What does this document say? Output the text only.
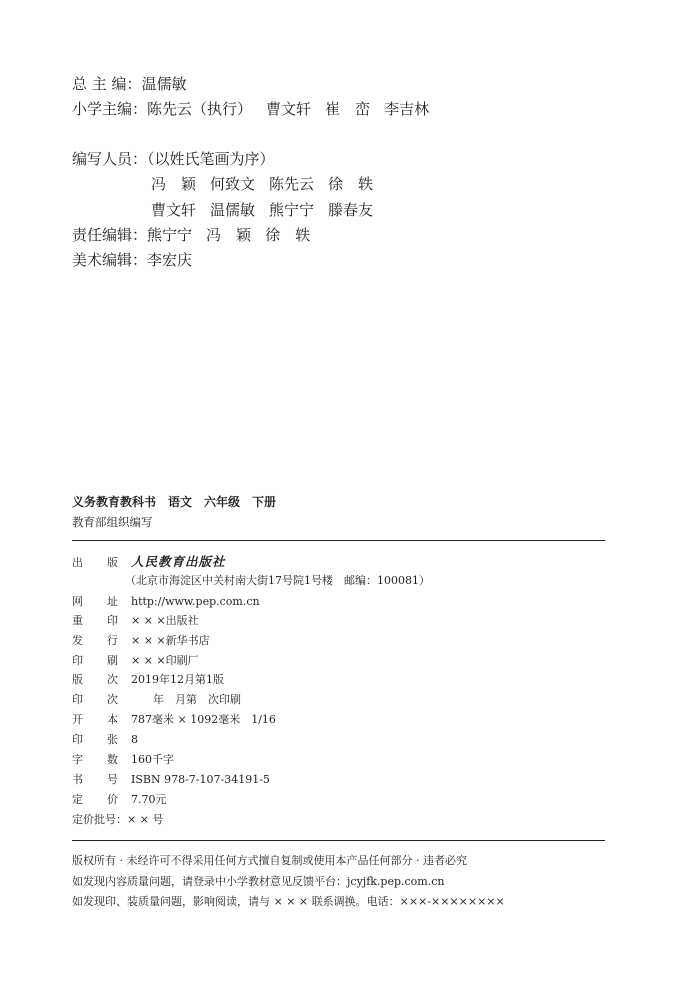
总 主 编：温儒敏
小学主编：陈先云（执行） 曹文轩 崔　峦 李吉林
编写人员：（以姓氏笔画为序）
冯　颖 何致文 陈先云 徐　轶
曹文轩 温儒敏 熊宁宁 滕春友
责任编辑：熊宁宁 冯　颖 徐　轶
美术编辑：李宏庆
义务教育教科书 语文 六年级 下册
教育部组织编写
出 版 人民教育出版社
（北京市海淀区中关村南大街17号院1号楼　邮编：100081）
网 址 http://www.pep.com.cn
重 印 × × ×出版社
发 行 × × ×新华书店
印 刷 × × ×印刷厂
版 次 2019年12月第1版
印 次 　　年　月第　次印刷
开 本 787毫米 × 1092毫米　1/16
印 张 8
字 数 160千字
书 号 ISBN 978-7-107-34191-5
定 价 7.70元
定价批号：× × 号
版权所有 · 未经许可不得采用任何方式擅自复制或使用本产品任何部分 · 违者必究
如发现内容质量问题，请登录中小学教材意见反馈平台：jcyjfk.pep.com.cn
如发现印、装质量问题，影响阅读，请与 × × × 联系调换。电话：×××-××××××××
